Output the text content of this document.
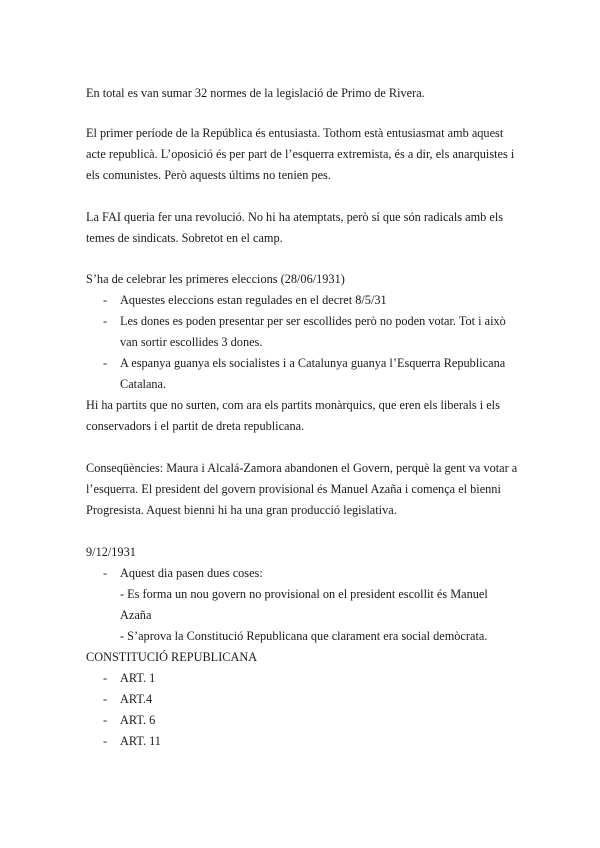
En total es van sumar 32 normes de la legislació de Primo de Rivera.
El primer període de la República és entusiasta. Tothom està entusiasmat amb aquest
acte republicà. L’oposició és per part de l’esquerra extremista, és a dir, els anarquistes i
els comunistes. Però aquests últims no tenien pes.
La FAI queria fer una revolució. No hi ha atemptats, però sí que són radicals amb els
temes de sindicats. Sobretot en el camp.
S’ha de celebrar les primeres eleccions (28/06/1931)
- Aquestes eleccions estan regulades en el decret 8/5/31
- Les dones es poden presentar per ser escollides però no poden votar. Tot i això
van sortir escollides 3 dones.
- A espanya guanya els socialistes i a Catalunya guanya l’Esquerra Republicana
Catalana.
Hi ha partits que no surten, com ara els partits monàrquics, que eren els liberals i els
conservadors i el partit de dreta republicana.
Conseqüències: Maura i Alcalá-Zamora abandonen el Govern, perquè la gent va votar a
l’esquerra. El president del govern provisional és Manuel Azaña i comença el bienni
Progresista. Aquest bienni hi ha una gran producció legislativa.
9/12/1931
- Aquest dia pasen dues coses:
- Es forma un nou govern no provisional on el president escollit és Manuel
Azaña
- S’aprova la Constitució Republicana que clarament era social demòcrata.
CONSTITUCIÓ REPUBLICANA
- ART. 1
- ART.4
- ART. 6
- ART. 11
